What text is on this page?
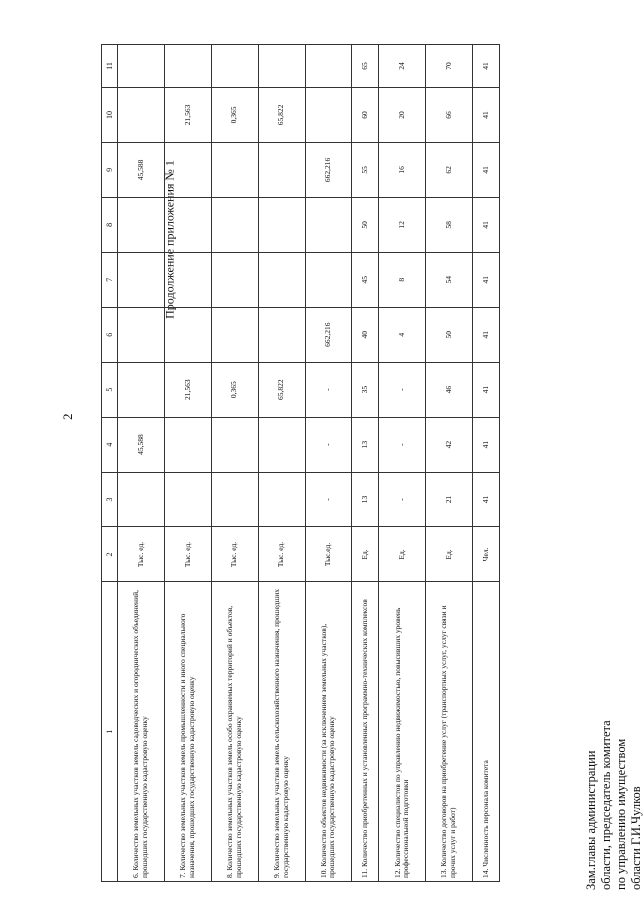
2
Продолжение приложения № 1
1	2	3	4	5	6	7	8	9	10	11
6. Количество земельных участков земель садоводческих и огороднических объединений, прошедших государственную кадастровую оценку	Тыс. ед.		45,588					45,588		
7. Количество земельных участков земель промышленности и иного специального назначения, прошедших государственную кадастровую оценку	Тыс. ед.			21,563					21,563	
8. Количество земельных участков земель особо охраняемых территорий и объектов, прошедших государственную кадастровую оценку	Тыс. ед.			0,365					0,365	
9. Количество земельных участков земель сельскохозяйственного назначения, прошедших государственную кадастровую оценку	Тыс. ед.			65,822					65,822	
10. Количество объектов недвижимости (за исключением земельных участков), прошедших государственную кадастровую оценку	Тыс.ед.	-	-	-	662,216			662,216		
11. Количество приобретенных и установленных программно-технических комплексов	Ед.	13	13	35	40	45	50	55	60	65
12. Количество специалистов по управлению недвижимостью, повысивших уровень профессиональной подготовки	Ед.	-	-	-	4	8	12	16	20	24
13. Количество договоров на приобретение услуг (транспортных услуг, услуг связи и прочих услуг и работ)	Ед.	21	42	46	50	54	58	62	66	70
14. Численность персонала комитета	Чел.	41	41	41	41	41	41	41	41	41
Зам.главы администрации области, председатель комитета по управлению имуществом области Г.И.Чулков
